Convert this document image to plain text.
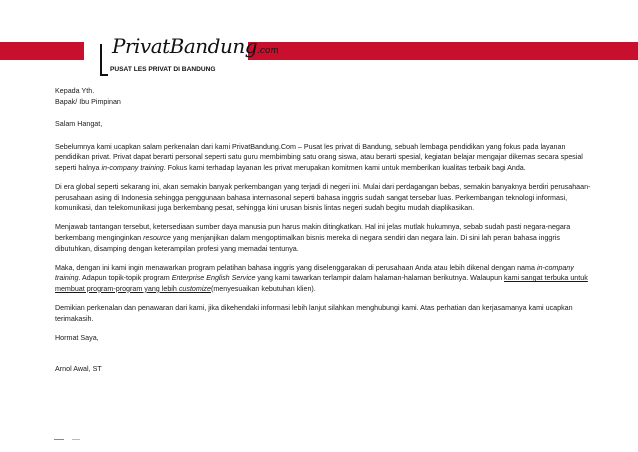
PrivatBandung.com
PUSAT LES PRIVAT DI BANDUNG

Kepada Yth.

Bapak/ Ibu Pimpinan

Salam Hangat,

Sebelumnya kami ucapkan salam perkenalan dari kami PrivatBandung.Com – Pusat les privat di Bandung, sebuah lembaga pendidikan yang fokus pada layanan pendidikan privat. Privat dapat berarti personal seperti satu guru membimbing satu orang siswa, atau berarti spesial, kegiatan belajar mengajar dikemas secara spesial seperti halnya in-company training. Fokus kami terhadap layanan les privat merupakan komitmen kami untuk memberikan kualitas terbaik bagi Anda.

Di era global seperti sekarang ini, akan semakin banyak perkembangan yang terjadi di negeri ini. Mulai dari perdagangan bebas, semakin banyaknya berdiri perusahaan-perusahaan asing di Indonesia sehingga penggunaan bahasa internasonal seperti bahasa inggris sudah sangat tersebar luas. Perkembangan teknologi informasi, komunikasi, dan telekomunikasi juga berkembang pesat, sehingga kini urusan bisnis lintas negeri sudah begitu mudah diaplikasikan.

Menjawab tantangan tersebut, ketersediaan sumber daya manusia pun harus makin ditingkatkan. Hal ini jelas mutlak hukumnya, sebab sudah pasti negara-negara berkembang menginginkan resource yang menjanjikan dalam mengoptimalkan bisnis mereka di negara sendiri dan negara lain. Di sini lah peran bahasa inggris dibutuhkan, disamping dengan keterampilan profesi yang memadai tentunya.

Maka, dengan ini kami ingin menawarkan program pelatihan bahasa inggris yang diselenggarakan di perusahaan Anda atau lebih dikenal dengan nama in-company training. Adapun topik-topik program Enterprise English Service yang kami tawarkan terlampir dalam halaman-halaman berikutnya. Walaupun kami sangat terbuka untuk membuat program-program yang lebih customize(menyesuaikan kebutuhan klien).

Demikian perkenalan dan penawaran dari kami, jika dikehendaki informasi lebih lanjut silahkan menghubungi kami. Atas perhatian dan kerjasamanya kami ucapkan terimakasih.

Hormat Saya,

Arnol Awal, ST
